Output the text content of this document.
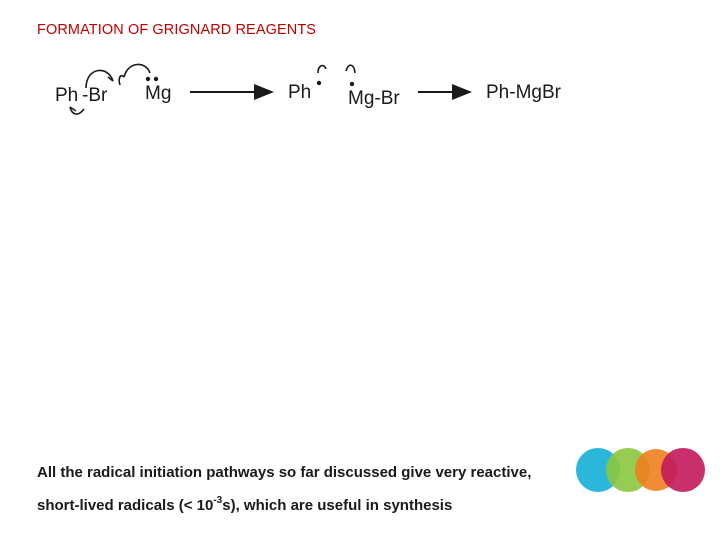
FORMATION OF GRIGNARD REAGENTS
Ph -Br Mg	Ph Mg-Br	Ph-MgBr
All the radical initiation pathways so far discussed give very reactive,
short-lived radicals (< $10^{-3}s$), which are useful in synthesis
